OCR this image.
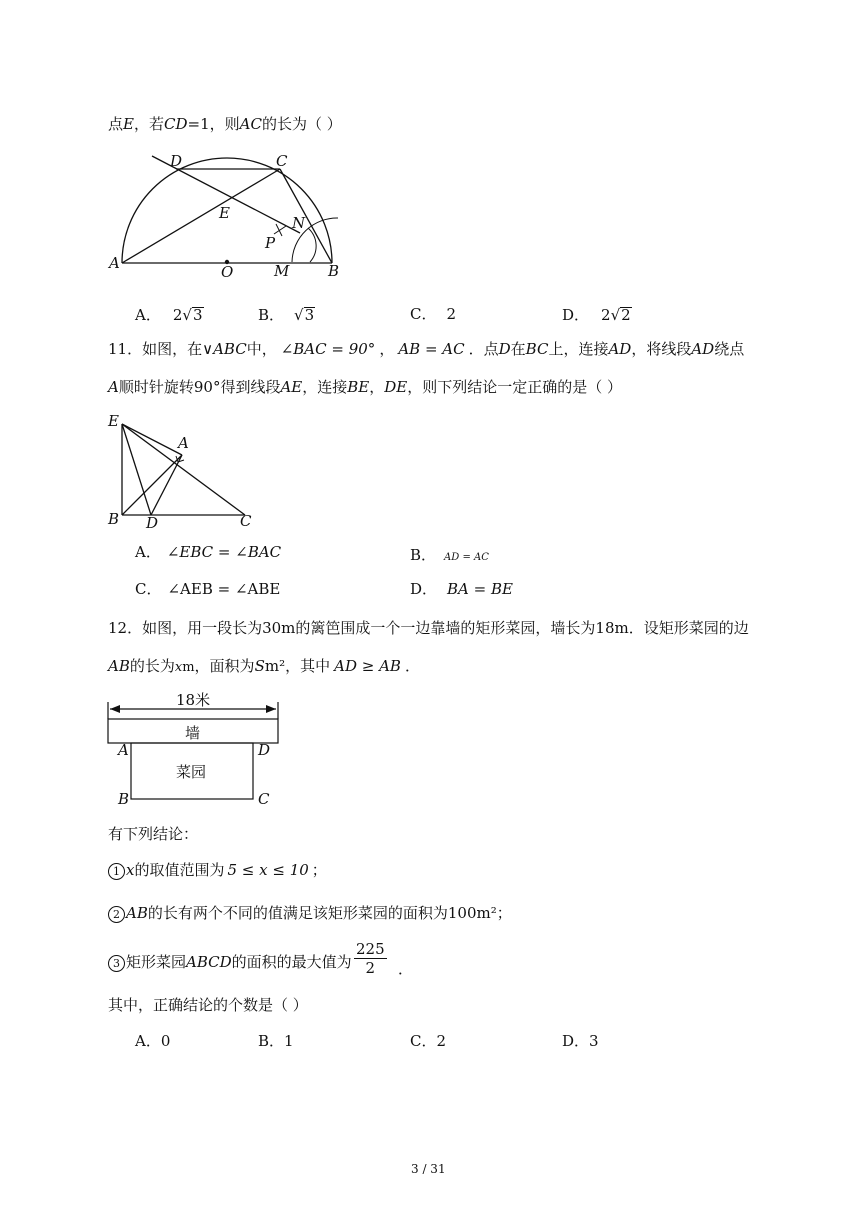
点E，若CD=1，则AC的长为（ ）
D	C
E
N
P
A	O	M	B
A． 2√3	B． √3	C． 2	D． 2√2
11．如图，在∨ABC中， ∠BAC = 90° ， AB = AC ．点D在BC上，连接AD，将线段AD绕点
A顺时针旋转90°得到线段AE，连接BE，DE，则下列结论一定正确的是（ ）
E
A
B D	C
A． ∠EBC = ∠BAC	B． AD = AC
C． ∠AEB = ∠ABE	D． BA = BE
12．如图，用一段长为30m的篱笆围成一个一边靠墙的矩形菜园，墙长为18m．设矩形菜园的边
AB的长为xm，面积为Sm²，其中 AD ≥ AB ．
18米
墙
菜园
A	D
B	C
有下列结论：
1 x的取值范围为 5 ≤ x ≤ 10 ；
2 AB的长有两个不同的值满足该矩形菜园的面积为100m²；
3 矩形菜园ABCD的面积的最大值为 $\frac{225}{2}$ ．
其中，正确结论的个数是（ ）
A．0	B．1	C．2	D．3
3 / 31
